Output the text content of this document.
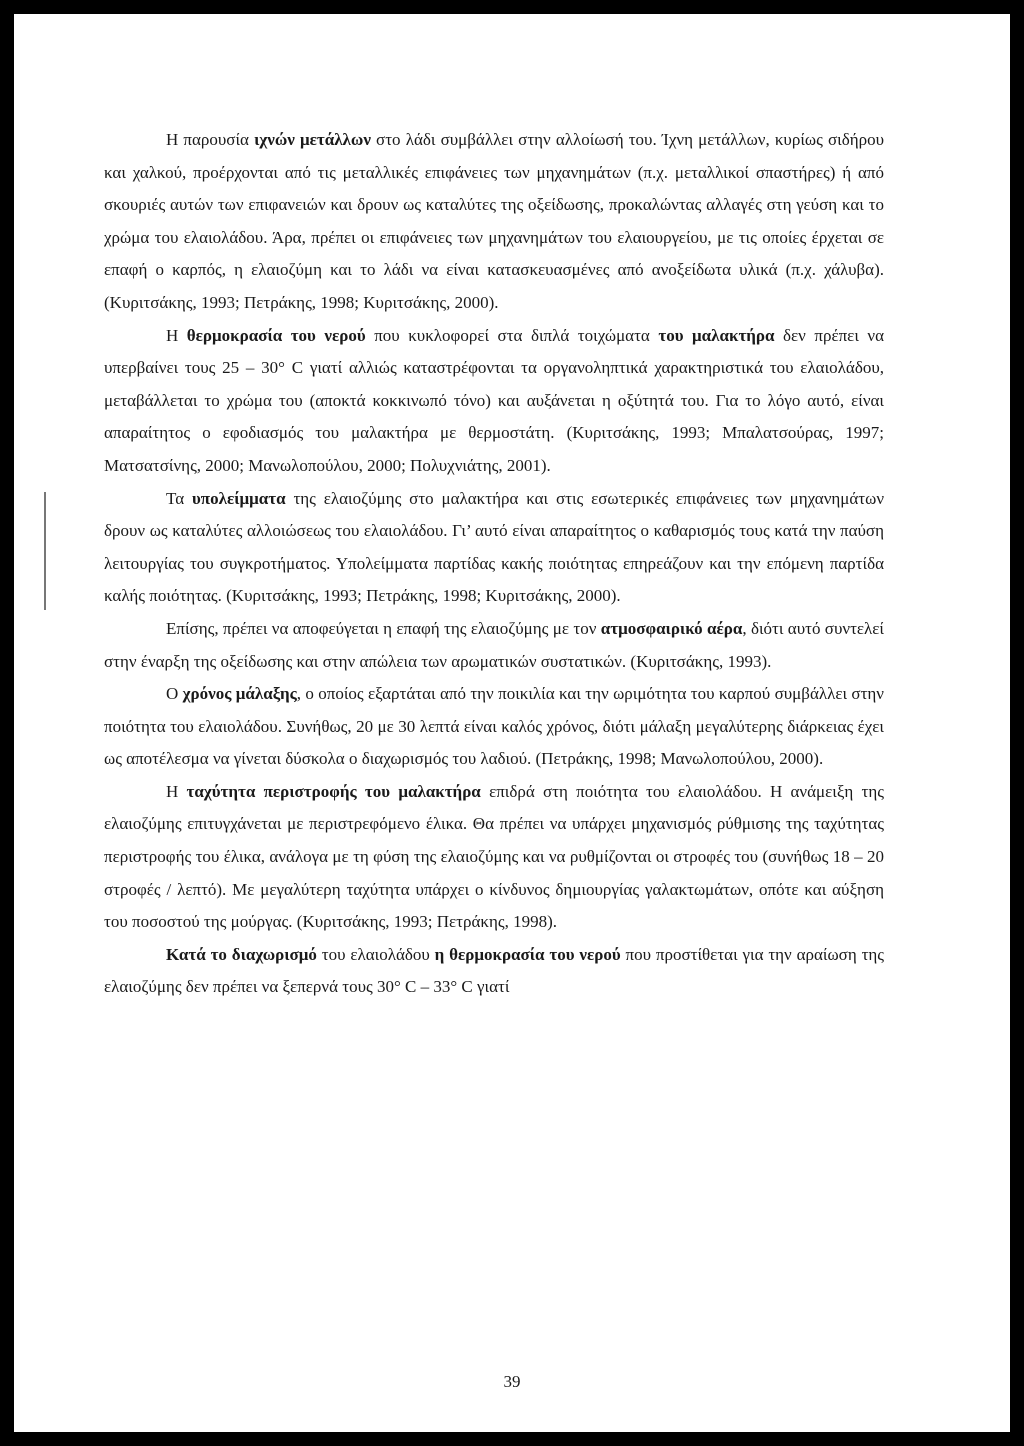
Η παρουσία ιχνών μετάλλων στο λάδι συμβάλλει στην αλλοίωσή του. Ίχνη μετάλλων, κυρίως σιδήρου και χαλκού, προέρχονται από τις μεταλλικές επιφάνειες των μηχανημάτων (π.χ. μεταλλικοί σπαστήρες) ή από σκουριές αυτών των επιφανειών και δρουν ως καταλύτες της οξείδωσης, προκαλώντας αλλαγές στη γεύση και το χρώμα του ελαιολάδου. Άρα, πρέπει οι επιφάνειες των μηχανημάτων του ελαιουργείου, με τις οποίες έρχεται σε επαφή ο καρπός, η ελαιοζύμη και το λάδι να είναι κατασκευασμένες από ανοξείδωτα υλικά (π.χ. χάλυβα). (Κυριτσάκης, 1993; Πετράκης, 1998; Κυριτσάκης, 2000).

Η θερμοκρασία του νερού που κυκλοφορεί στα διπλά τοιχώματα του μαλακτήρα δεν πρέπει να υπερβαίνει τους 25 – 30° C γιατί αλλιώς καταστρέφονται τα οργανοληπτικά χαρακτηριστικά του ελαιολάδου, μεταβάλλεται το χρώμα του (αποκτά κοκκινωπό τόνο) και αυξάνεται η οξύτητά του. Για το λόγο αυτό, είναι απαραίτητος ο εφοδιασμός του μαλακτήρα με θερμοστάτη. (Κυριτσάκης, 1993; Μπαλατσούρας, 1997; Ματσατσίνης, 2000; Μανωλοπούλου, 2000; Πολυχνιάτης, 2001).

Τα υπολείμματα της ελαιοζύμης στο μαλακτήρα και στις εσωτερικές επιφάνειες των μηχανημάτων δρουν ως καταλύτες αλλοιώσεως του ελαιολάδου. Γι’ αυτό είναι απαραίτητος ο καθαρισμός τους κατά την παύση λειτουργίας του συγκροτήματος. Υπολείμματα παρτίδας κακής ποιότητας επηρεάζουν και την επόμενη παρτίδα καλής ποιότητας. (Κυριτσάκης, 1993; Πετράκης, 1998; Κυριτσάκης, 2000).

Επίσης, πρέπει να αποφεύγεται η επαφή της ελαιοζύμης με τον ατμοσφαιρικό αέρα, διότι αυτό συντελεί στην έναρξη της οξείδωσης και στην απώλεια των αρωματικών συστατικών. (Κυριτσάκης, 1993).

Ο χρόνος μάλαξης, ο οποίος εξαρτάται από την ποικιλία και την ωριμότητα του καρπού συμβάλλει στην ποιότητα του ελαιολάδου. Συνήθως, 20 με 30 λεπτά είναι καλός χρόνος, διότι μάλαξη μεγαλύτερης διάρκειας έχει ως αποτέλεσμα να γίνεται δύσκολα ο διαχωρισμός του λαδιού. (Πετράκης, 1998; Μανωλοπούλου, 2000).

Η ταχύτητα περιστροφής του μαλακτήρα επιδρά στη ποιότητα του ελαιολάδου. Η ανάμειξη της ελαιοζύμης επιτυγχάνεται με περιστρεφόμενο έλικα. Θα πρέπει να υπάρχει μηχανισμός ρύθμισης της ταχύτητας περιστροφής του έλικα, ανάλογα με τη φύση της ελαιοζύμης και να ρυθμίζονται οι στροφές του (συνήθως 18 – 20 στροφές / λεπτό). Με μεγαλύτερη ταχύτητα υπάρχει ο κίνδυνος δημιουργίας γαλακτωμάτων, οπότε και αύξηση του ποσοστού της μούργας. (Κυριτσάκης, 1993; Πετράκης, 1998).

Κατά το διαχωρισμό του ελαιολάδου η θερμοκρασία του νερού που προστίθεται για την αραίωση της ελαιοζύμης δεν πρέπει να ξεπερνά τους 30° C – 33° C γιατί

39
